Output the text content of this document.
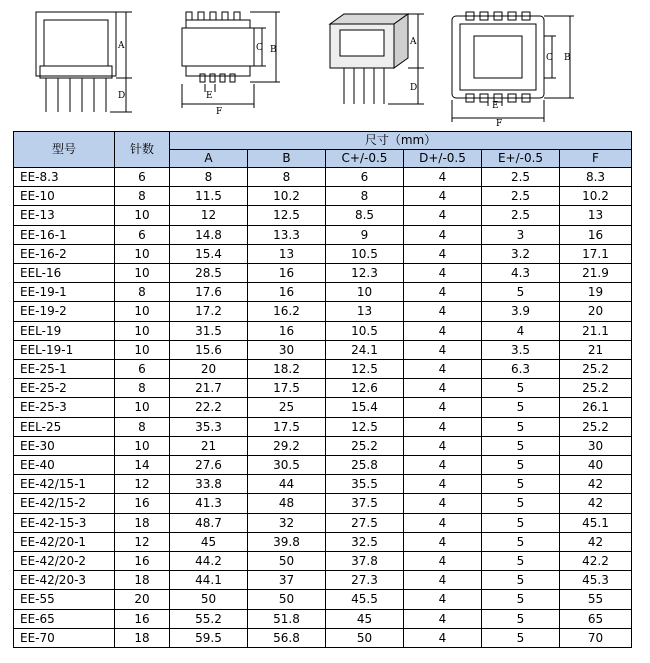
A
D
C B
E
F
A
D
B
C
E
F
型号	针数	尺寸（mm）					
		A	B	C+/-0.5	D+/-0.5	E+/-0.5	F
EE-8.3	6	8	8	6	4	2.5	8.3
EE-10	8	11.5	10.2	8	4	2.5	10.2
EE-13	10	12	12.5	8.5	4	2.5	13
EE-16-1	6	14.8	13.3	9	4	3	16
EE-16-2	10	15.4	13	10.5	4	3.2	17.1
EEL-16	10	28.5	16	12.3	4	4.3	21.9
EE-19-1	8	17.6	16	10	4	5	19
EE-19-2	10	17.2	16.2	13	4	3.9	20
EEL-19	10	31.5	16	10.5	4	4	21.1
EEL-19-1	10	15.6	30	24.1	4	3.5	21
EE-25-1	6	20	18.2	12.5	4	6.3	25.2
EE-25-2	8	21.7	17.5	12.6	4	5	25.2
EE-25-3	10	22.2	25	15.4	4	5	26.1
EEL-25	8	35.3	17.5	12.5	4	5	25.2
EE-30	10	21	29.2	25.2	4	5	30
EE-40	14	27.6	30.5	25.8	4	5	40
EE-42/15-1	12	33.8	44	35.5	4	5	42
EE-42/15-2	16	41.3	48	37.5	4	5	42
EE-42-15-3	18	48.7	32	27.5	4	5	45.1
EE-42/20-1	12	45	39.8	32.5	4	5	42
EE-42/20-2	16	44.2	50	37.8	4	5	42.2
EE-42/20-3	18	44.1	37	27.3	4	5	45.3
EE-55	20	50	50	45.5	4	5	55
EE-65	16	55.2	51.8	45	4	5	65
EE-70	18	59.5	56.8	50	4	5	70
